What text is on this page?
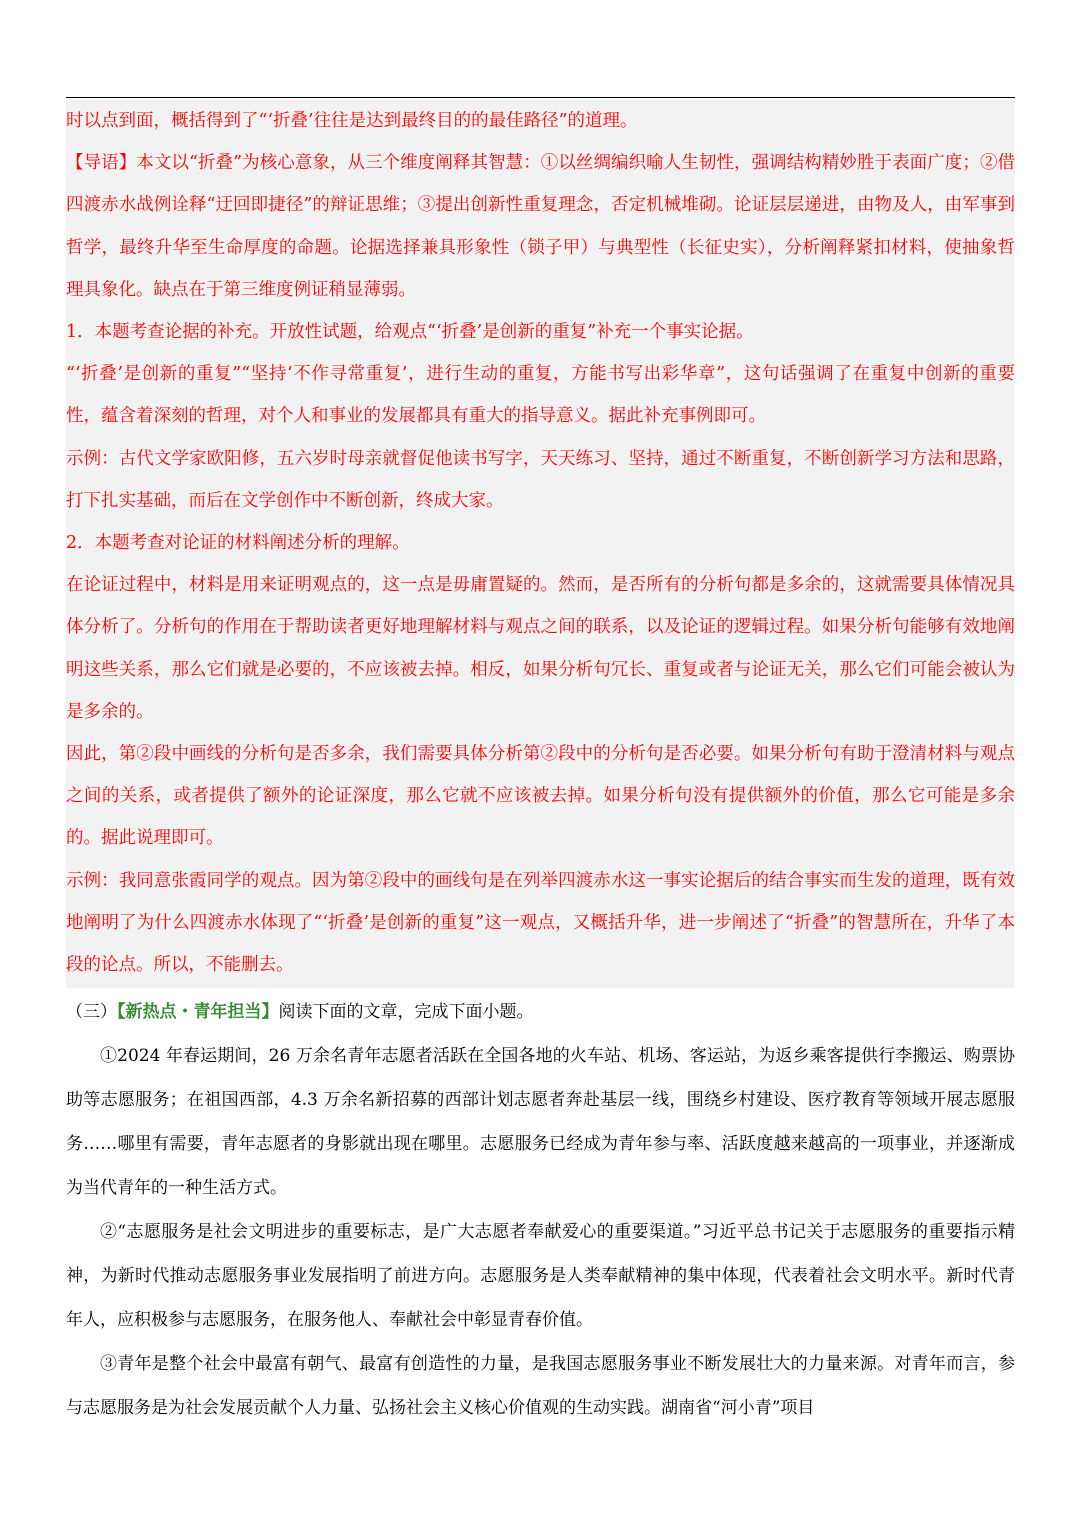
时以点到面，概括得到了“‘折叠’往往是达到最终目的的最佳路径”的道理。

【导语】本文以“折叠”为核心意象，从三个维度阐释其智慧：①以丝绸编织喻人生韧性，强调结构精妙胜于表面广度；②借四渡赤水战例诠释“迂回即捷径”的辩证思维；③提出创新性重复理念，否定机械堆砌。论证层层递进，由物及人，由军事到哲学，最终升华至生命厚度的命题。论据选择兼具形象性（锁子甲）与典型性（长征史实），分析阐释紧扣材料，使抽象哲理具象化。缺点在于第三维度例证稍显薄弱。

1．本题考查论据的补充。开放性试题，给观点“‘折叠’是创新的重复”补充一个事实论据。

“‘折叠’是创新的重复”“坚持‘不作寻常重复’，进行生动的重复，方能书写出彩华章”，这句话强调了在重复中创新的重要性，蕴含着深刻的哲理，对个人和事业的发展都具有重大的指导意义。据此补充事例即可。

示例：古代文学家欧阳修，五六岁时母亲就督促他读书写字，天天练习、坚持，通过不断重复，不断创新学习方法和思路，打下扎实基础，而后在文学创作中不断创新，终成大家。

2．本题考查对论证的材料阐述分析的理解。

在论证过程中，材料是用来证明观点的，这一点是毋庸置疑的。然而，是否所有的分析句都是多余的，这就需要具体情况具体分析了。分析句的作用在于帮助读者更好地理解材料与观点之间的联系，以及论证的逻辑过程。如果分析句能够有效地阐明这些关系，那么它们就是必要的，不应该被去掉。相反，如果分析句冗长、重复或者与论证无关，那么它们可能会被认为是多余的。

因此，第②段中画线的分析句是否多余，我们需要具体分析第②段中的分析句是否必要。如果分析句有助于澄清材料与观点之间的关系，或者提供了额外的论证深度，那么它就不应该被去掉。如果分析句没有提供额外的价值，那么它可能是多余的。据此说理即可。

示例：我同意张霞同学的观点。因为第②段中的画线句是在列举四渡赤水这一事实论据后的结合事实而生发的道理，既有效地阐明了为什么四渡赤水体现了“‘折叠’是创新的重复”这一观点，又概括升华，进一步阐述了“折叠”的智慧所在，升华了本段的论点。所以，不能删去。

（三）【新热点・青年担当】阅读下面的文章，完成下面小题。

①2024 年春运期间，26 万余名青年志愿者活跃在全国各地的火车站、机场、客运站，为返乡乘客提供行李搬运、购票协助等志愿服务；在祖国西部，4.3 万余名新招募的西部计划志愿者奔赴基层一线，围绕乡村建设、医疗教育等领域开展志愿服务……哪里有需要，青年志愿者的身影就出现在哪里。志愿服务已经成为青年参与率、活跃度越来越高的一项事业，并逐渐成为当代青年的一种生活方式。

②“志愿服务是社会文明进步的重要标志，是广大志愿者奉献爱心的重要渠道。”习近平总书记关于志愿服务的重要指示精神，为新时代推动志愿服务事业发展指明了前进方向。志愿服务是人类奉献精神的集中体现，代表着社会文明水平。新时代青年人，应积极参与志愿服务，在服务他人、奉献社会中彰显青春价值。

③青年是整个社会中最富有朝气、最富有创造性的力量，是我国志愿服务事业不断发展壮大的力量来源。对青年而言，参与志愿服务是为社会发展贡献个人力量、弘扬社会主义核心价值观的生动实践。湖南省“河小青”项目
